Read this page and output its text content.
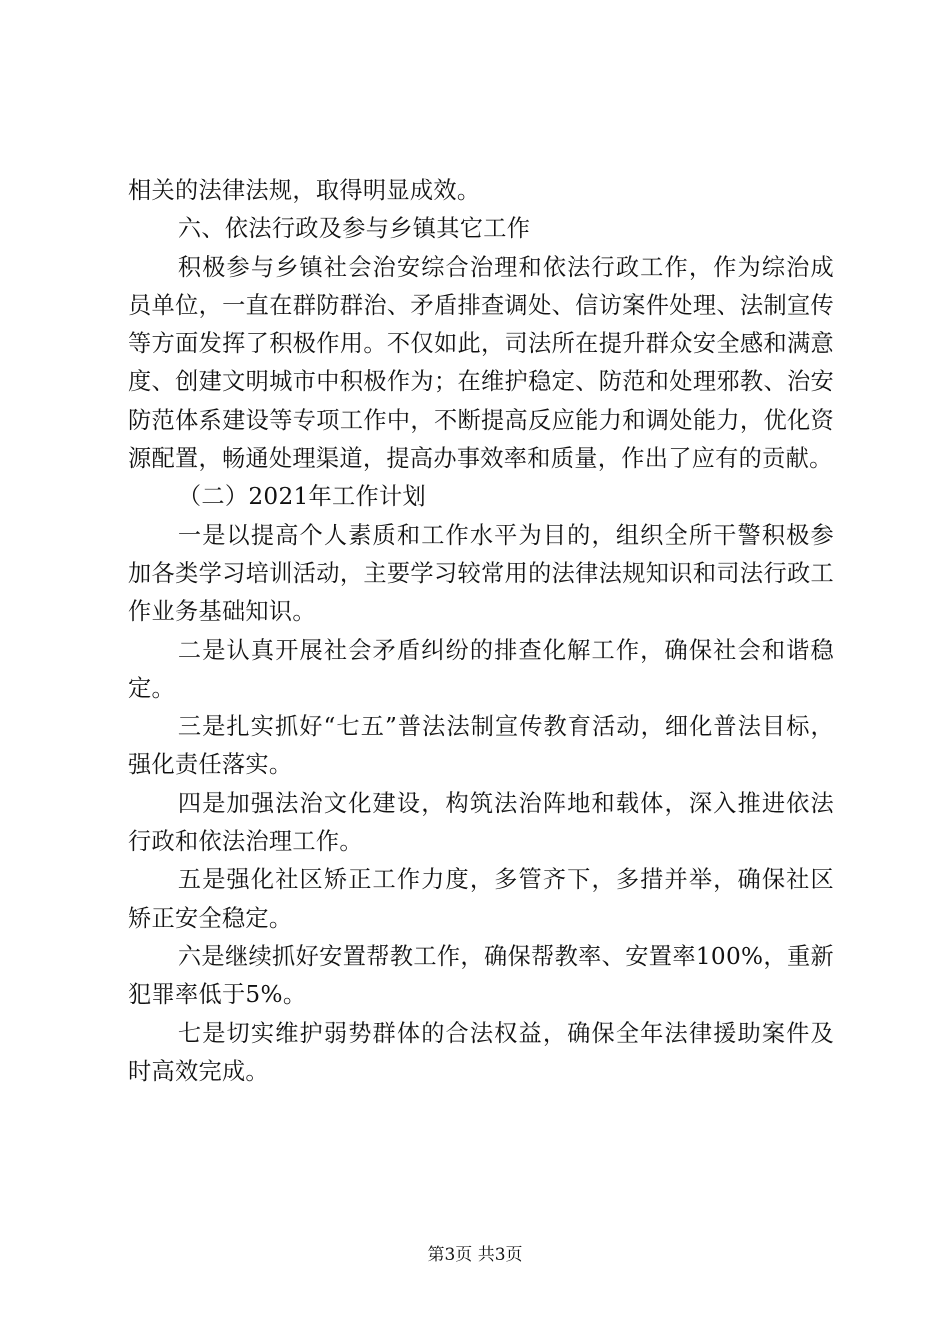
相关的法律法规，取得明显成效。

六、依法行政及参与乡镇其它工作

积极参与乡镇社会治安综合治理和依法行政工作，作为综治成员单位，一直在群防群治、矛盾排查调处、信访案件处理、法制宣传等方面发挥了积极作用。不仅如此，司法所在提升群众安全感和满意度、创建文明城市中积极作为；在维护稳定、防范和处理邪教、治安防范体系建设等专项工作中，不断提高反应能力和调处能力，优化资源配置，畅通处理渠道，提高办事效率和质量，作出了应有的贡献。

（二）2021年工作计划

一是以提高个人素质和工作水平为目的，组织全所干警积极参加各类学习培训活动，主要学习较常用的法律法规知识和司法行政工作业务基础知识。

二是认真开展社会矛盾纠纷的排查化解工作，确保社会和谐稳定。

三是扎实抓好“七五”普法法制宣传教育活动，细化普法目标，强化责任落实。

四是加强法治文化建设，构筑法治阵地和载体，深入推进依法行政和依法治理工作。

五是强化社区矫正工作力度，多管齐下，多措并举，确保社区矫正安全稳定。

六是继续抓好安置帮教工作，确保帮教率、安置率100%，重新犯罪率低于5%。

七是切实维护弱势群体的合法权益，确保全年法律援助案件及时高效完成。

第3页 共3页
